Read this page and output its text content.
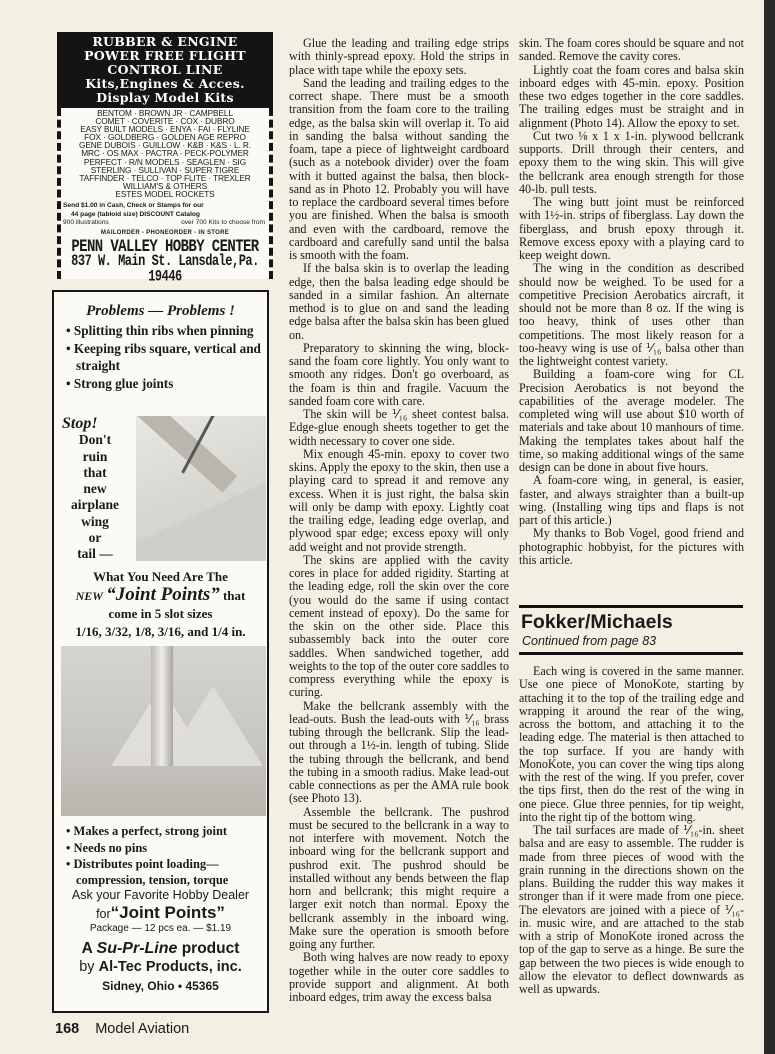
RUBBER & ENGINE
POWER FREE FLIGHT
CONTROL LINE
Kits,Engines & Acces.
Display Model Kits
BENTOM · BROWN JR · CAMPBELL
COMET · COVERITE · COX · DUBRO
EASY BUILT MODELS · ENYA · FAI · FLYLINE
FOX · GOLDBERG · GOLDEN AGE REPRO
GENE DUBOIS · GUILLOW · K&B · K&S · L. R.
MRC · OS MAX · PACTRA · PECK-POLYMER
PERFECT · R/N MODELS · SEAGLEN · SIG
STERLING · SULLIVAN · SUPER TIGRE
TAFFINDER · TELCO · TOP FLITE · TREXLER
WILLIAM'S & OTHERS
ESTES MODEL ROCKETS
Send $1.00 in Cash, Check or Stamps for our
44 page (tabloid size) DISCOUNT Catalog
900 illustrations	over 700 Kits to choose from
MAILORDER - PHONEORDER - IN STORE
PENN VALLEY HOBBY CENTER
837 W. Main St. Lansdale,Pa. 19446
Problems — Problems !
• Splitting thin ribs when pinning
• Keeping ribs square, vertical and straight
• Strong glue joints
Stop!
Don't
ruin
that
new
airplane
wing
or
tail —
What You Need Are The
NEW “Joint Points” that
come in 5 slot sizes
1/16, 3/32, 1/8, 3/16, and 1/4 in.
• Makes a perfect, strong joint
• Needs no pins
• Distributes point loading— compression, tension, torque
Ask your Favorite Hobby Dealer
for“Joint Points”
Package — 12 pcs ea. — $1.19
A Su-Pr-Line product
by Al-Tec Products, inc.
Sidney, Ohio • 45365
168 Model Aviation

Glue the leading and trailing edge strips with thinly-spread epoxy. Hold the strips in place with tape while the epoxy sets.

Sand the leading and trailing edges to the correct shape. There must be a smooth transition from the foam core to the trailing edge, as the balsa skin will overlap it. To aid in sanding the balsa without sanding the foam, tape a piece of lightweight cardboard (such as a notebook divider) over the foam with it butted against the balsa, then block-sand as in Photo 12. Probably you will have to replace the cardboard several times before you are finished. When the balsa is smooth and even with the cardboard, remove the cardboard and carefully sand until the balsa is smooth with the foam.

If the balsa skin is to overlap the leading edge, then the balsa leading edge should be sanded in a similar fashion. An alternate method is to glue on and sand the leading edge balsa after the balsa skin has been glued on.

Preparatory to skinning the wing, block-sand the foam core lightly. You only want to smooth any ridges. Don't go overboard, as the foam is thin and fragile. Vacuum the sanded foam core with care.

The skin will be ⅟₁₆ sheet contest balsa. Edge-glue enough sheets together to get the width necessary to cover one side.

Mix enough 45-min. epoxy to cover two skins. Apply the epoxy to the skin, then use a playing card to spread it and remove any excess. When it is just right, the balsa skin will only be damp with epoxy. Lightly coat the trailing edge, leading edge overlap, and plywood spar edge; excess epoxy will only add weight and not provide strength.

The skins are applied with the cavity cores in place for added rigidity. Starting at the leading edge, roll the skin over the core (you would do the same if using contact cement instead of epoxy). Do the same for the skin on the other side. Place this subassembly back into the outer core saddles. When sandwiched together, add weights to the top of the outer core saddles to compress everything while the epoxy is curing.

Make the bellcrank assembly with the lead-outs. Bush the lead-outs with ⅟₁₆ brass tubing through the bellcrank. Slip the lead-out through a 1½-in. length of tubing. Slide the tubing through the bellcrank, and bend the tubing in a smooth radius. Make lead-out cable connections as per the AMA rule book (see Photo 13).

Assemble the bellcrank. The pushrod must be secured to the bellcrank in a way to not interfere with movement. Notch the inboard wing for the bellcrank support and pushrod exit. The pushrod should be installed without any bends between the flap horn and bellcrank; this might require a larger exit notch than normal. Epoxy the bellcrank assembly in the inboard wing. Make sure the operation is smooth before going any further.

Both wing halves are now ready to epoxy together while in the outer core saddles to provide support and alignment. At both inboard edges, trim away the excess balsa

skin. The foam cores should be square and not sanded. Remove the cavity cores.

Lightly coat the foam cores and balsa skin inboard edges with 45-min. epoxy. Position these two edges together in the core saddles. The trailing edges must be straight and in alignment (Photo 14). Allow the epoxy to set.

Cut two ⅛ x 1 x 1-in. plywood bellcrank supports. Drill through their centers, and epoxy them to the wing skin. This will give the bellcrank area enough strength for those 40-lb. pull tests.

The wing butt joint must be reinforced with 1½-in. strips of fiberglass. Lay down the fiberglass, and brush epoxy through it. Remove excess epoxy with a playing card to keep weight down.

The wing in the condition as described should now be weighed. To be used for a competitive Precision Aerobatics aircraft, it should not be more than 8 oz. If the wing is too heavy, think of uses other than competitions. The most likely reason for a too-heavy wing is use of ⅟₁₆ balsa other than the lightweight contest variety.

Building a foam-core wing for CL Precision Aerobatics is not beyond the capabilities of the average modeler. The completed wing will use about $10 worth of materials and take about 10 manhours of time. Making the templates takes about half the time, so making additional wings of the same design can be done in about five hours.

A foam-core wing, in general, is easier, faster, and always straighter than a built-up wing. (Installing wing tips and flaps is not part of this article.)

My thanks to Bob Vogel, good friend and photographic hobbyist, for the pictures with this article.

Fokker/Michaels
Continued from page 83

Each wing is covered in the same manner. Use one piece of MonoKote, starting by attaching it to the top of the trailing edge and wrapping it around the rear of the wing, across the bottom, and attaching it to the leading edge. The material is then attached to the top surface. If you are handy with MonoKote, you can cover the wing tips along with the rest of the wing. If you prefer, cover the tips first, then do the rest of the wing in one piece. Glue three pennies, for tip weight, into the right tip of the bottom wing.

The tail surfaces are made of ⅟₁₆-in. sheet balsa and are easy to assemble. The rudder is made from three pieces of wood with the grain running in the directions shown on the plans. Building the rudder this way makes it stronger than if it were made from one piece. The elevators are joined with a piece of ⅟₁₆-in. music wire, and are attached to the stab with a strip of MonoKote ironed across the top of the gap to serve as a hinge. Be sure the gap between the two pieces is wide enough to allow the elevator to deflect downwards as well as upwards.
